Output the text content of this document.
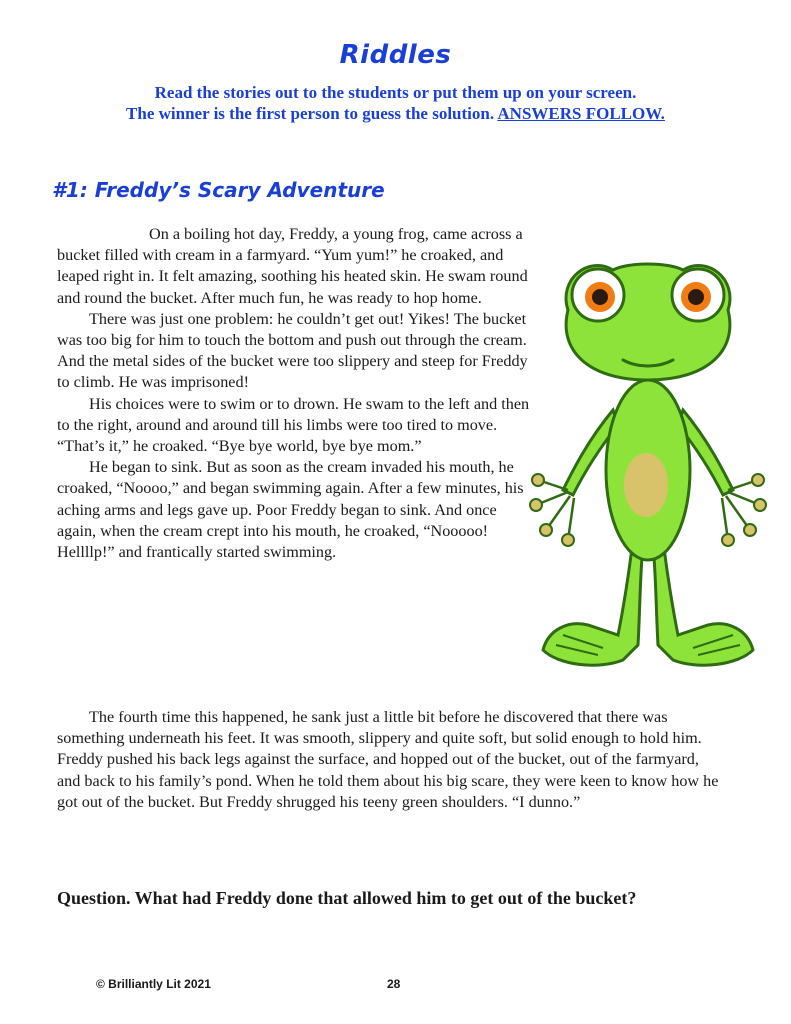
Riddles
Read the stories out to the students or put them up on your screen.
The winner is the first person to guess the solution. ANSWERS FOLLOW.
#1: Freddy’s Scary Adventure

On a boiling hot day, Freddy, a young frog, came across a bucket filled with cream in a farmyard. “Yum yum!” he croaked, and leaped right in. It felt amazing, soothing his heated skin. He swam round and round the bucket. After much fun, he was ready to hop home.

There was just one problem: he couldn’t get out! Yikes! The bucket was too big for him to touch the bottom and push out through the cream. And the metal sides of the bucket were too slippery and steep for Freddy to climb. He was imprisoned!

His choices were to swim or to drown. He swam to the left and then to the right, around and around till his limbs were too tired to move. “That’s it,” he croaked. “Bye bye world, bye bye mom.”

He began to sink. But as soon as the cream invaded his mouth, he croaked, “Noooo,” and began swimming again. After a few minutes, his aching arms and legs gave up. Poor Freddy began to sink. And once again, when the cream crept into his mouth, he croaked, “Nooooo! Hellllp!” and frantically started swimming.

The fourth time this happened, he sank just a little bit before he discovered that there was something underneath his feet. It was smooth, slippery and quite soft, but solid enough to hold him. Freddy pushed his back legs against the surface, and hopped out of the bucket, out of the farmyard, and back to his family’s pond. When he told them about his big scare, they were keen to know how he got out of the bucket. But Freddy shrugged his teeny green shoulders. “I dunno.”

Question. What had Freddy done that allowed him to get out of the bucket?
© Brilliantly Lit 2021	28
